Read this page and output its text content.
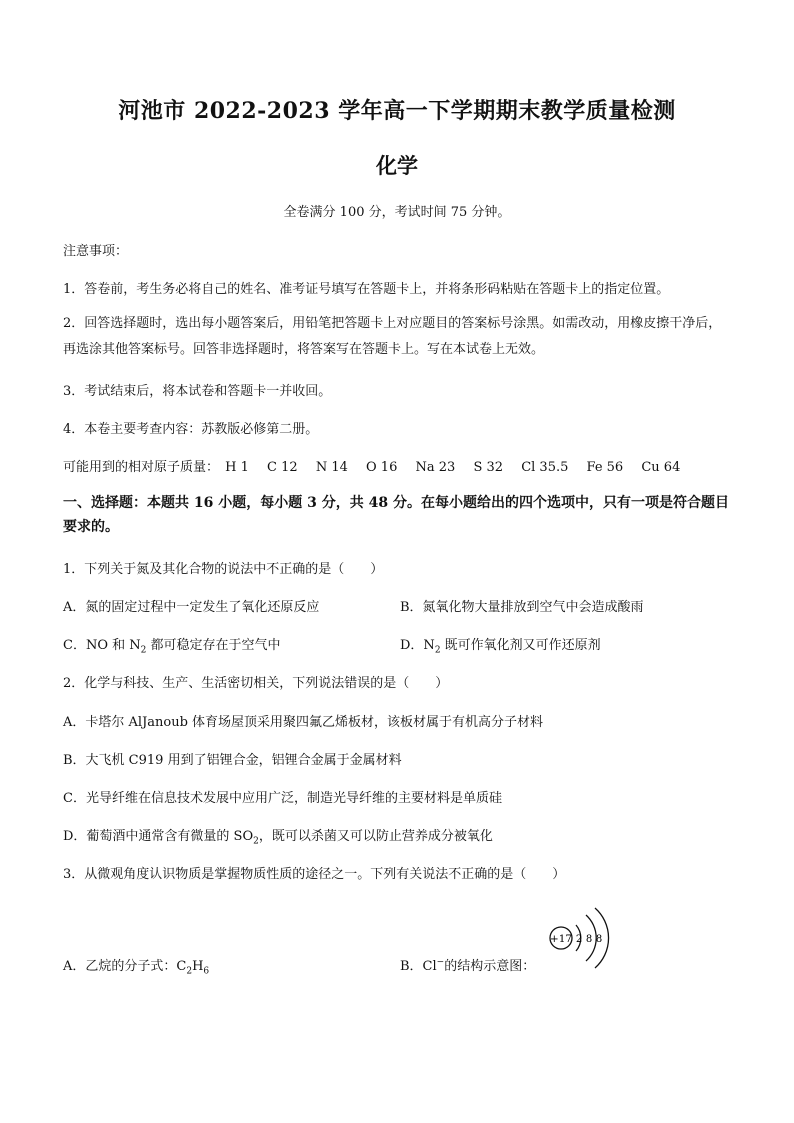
河池市 2022-2023 学年高一下学期期末教学质量检测
化学
全卷满分 100 分，考试时间 75 分钟。
注意事项：
1．答卷前，考生务必将自己的姓名、准考证号填写在答题卡上，并将条形码粘贴在答题卡上的指定位置。
2．回答选择题时，选出每小题答案后，用铅笔把答题卡上对应题目的答案标号涂黑。如需改动，用橡皮擦干净后，再选涂其他答案标号。回答非选择题时，将答案写在答题卡上。写在本试卷上无效。
3．考试结束后，将本试卷和答题卡一并收回。
4．本卷主要考查内容：苏教版必修第二册。
可能用到的相对原子质量： H 1 C 12 N 14 O 16 Na 23 S 32 Cl 35.5 Fe 56 Cu 64
一、选择题：本题共 16 小题，每小题 3 分，共 48 分。在每小题给出的四个选项中，只有一项是符合题目要求的。
1．下列关于氮及其化合物的说法中不正确的是（　　）
A．氮的固定过程中一定发生了氧化还原反应	B．氮氧化物大量排放到空气中会造成酸雨
C．NO 和 $N_2$ 都可稳定存在于空气中	D．$N_2$ 既可作氧化剂又可作还原剂
2．化学与科技、生产、生活密切相关，下列说法错误的是（　　）
A．卡塔尔 AlJanoub 体育场屋顶采用聚四氟乙烯板材，该板材属于有机高分子材料
B．大飞机 C919 用到了铝锂合金，铝锂合金属于金属材料
C．光导纤维在信息技术发展中应用广泛，制造光导纤维的主要材料是单质硅
D．葡萄酒中通常含有微量的 $SO_2$，既可以杀菌又可以防止营养成分被氧化
3．从微观角度认识物质是掌握物质性质的途径之一。下列有关说法不正确的是（　　）
A．乙烷的分子式：$C_2H_6$	B．Cl−的结构示意图：
+17 2 8 8
